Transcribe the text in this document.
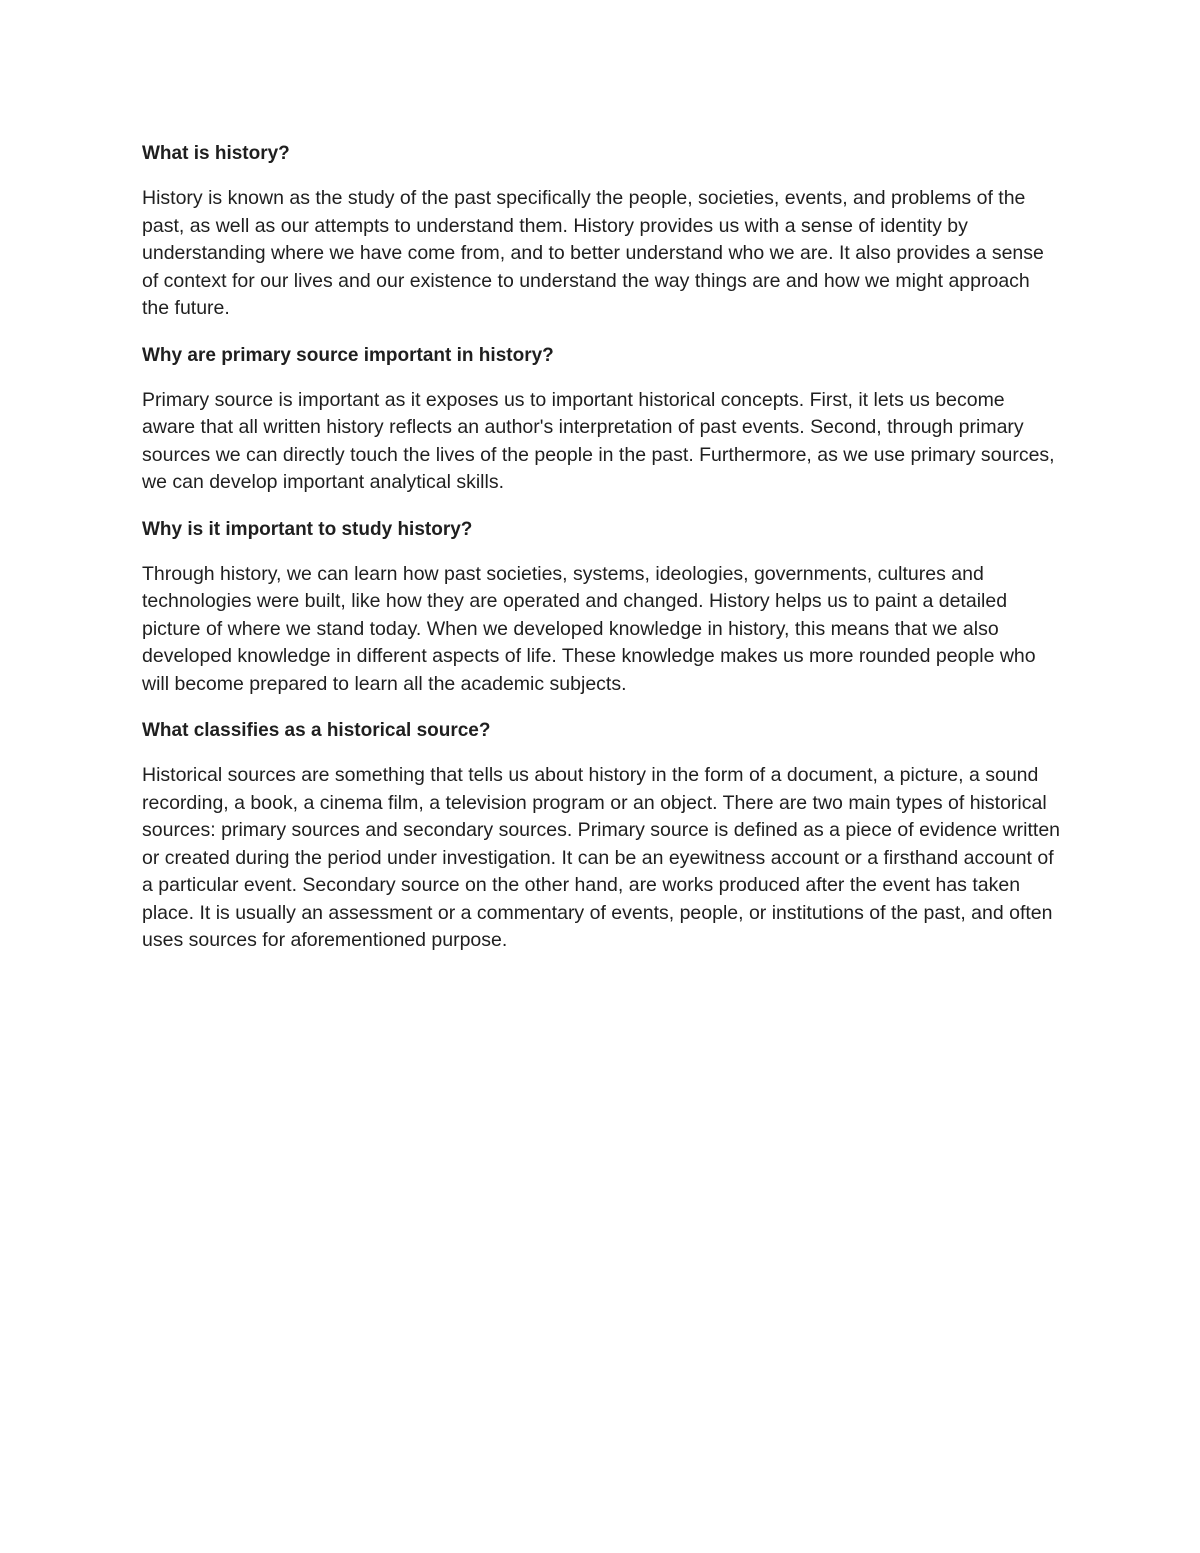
What is history?

History is known as the study of the past specifically the people, societies, events, and problems of the past, as well as our attempts to understand them. History provides us with a sense of identity by understanding where we have come from, and to better understand who we are. It also provides a sense of context for our lives and our existence to understand the way things are and how we might approach the future.

Why are primary source important in history?

Primary source is important as it exposes us to important historical concepts. First, it lets us become aware that all written history reflects an author's interpretation of past events. Second, through primary sources we can directly touch the lives of the people in the past. Furthermore, as we use primary sources, we can develop important analytical skills.

Why is it important to study history?

Through history, we can learn how past societies, systems, ideologies, governments, cultures and technologies were built, like how they are operated and changed. History helps us to paint a detailed picture of where we stand today. When we developed knowledge in history, this means that we also developed knowledge in different aspects of life. These knowledge makes us more rounded people who will become prepared to learn all the academic subjects.

What classifies as a historical source?

Historical sources are something that tells us about history in the form of a document, a picture, a sound recording, a book, a cinema film, a television program or an object. There are two main types of historical sources: primary sources and secondary sources. Primary source is defined as a piece of evidence written or created during the period under investigation. It can be an eyewitness account or a firsthand account of a particular event. Secondary source on the other hand, are works produced after the event has taken place. It is usually an assessment or a commentary of events, people, or institutions of the past, and often uses sources for aforementioned purpose.
